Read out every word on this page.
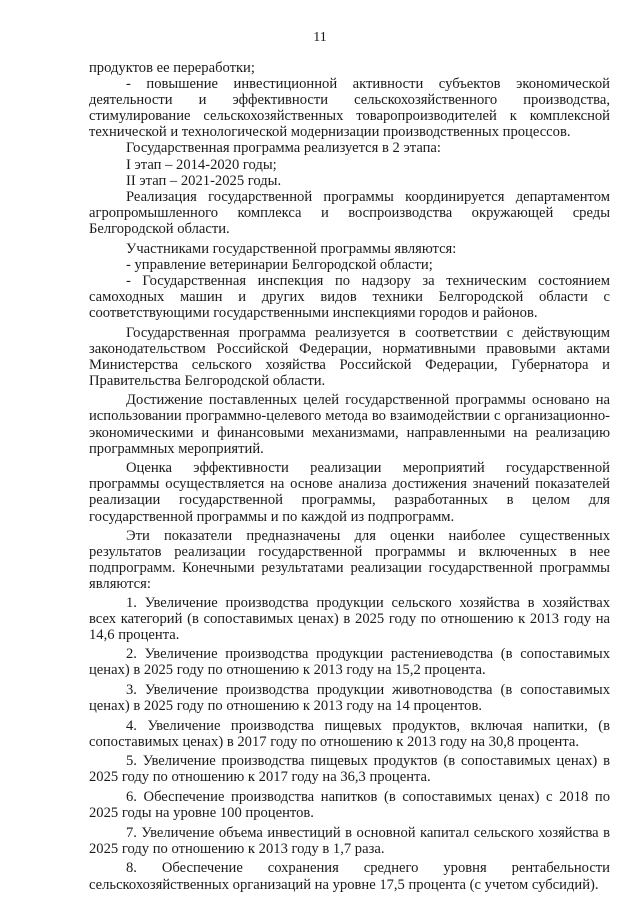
11

продуктов ее переработки;

- повышение инвестиционной активности субъектов экономической деятельности и эффективности сельскохозяйственного производства, стимулирование сельскохозяйственных товаропроизводителей к комплексной технической и технологической модернизации производственных процессов.

Государственная программа реализуется в 2 этапа:

I этап – 2014-2020 годы;

II этап – 2021-2025 годы.

Реализация государственной программы координируется департаментом агропромышленного комплекса и воспроизводства окружающей среды Белгородской области.

Участниками государственной программы являются:

- управление ветеринарии Белгородской области;

- Государственная инспекция по надзору за техническим состоянием самоходных машин и других видов техники Белгородской области с соответствующими государственными инспекциями городов и районов.

Государственная программа реализуется в соответствии с действующим законодательством Российской Федерации, нормативными правовыми актами Министерства сельского хозяйства Российской Федерации, Губернатора и Правительства Белгородской области.

Достижение поставленных целей государственной программы основано на использовании программно-целевого метода во взаимодействии с организационно-экономическими и финансовыми механизмами, направленными на реализацию программных мероприятий.

Оценка эффективности реализации мероприятий государственной программы осуществляется на основе анализа достижения значений показателей реализации государственной программы, разработанных в целом для государственной программы и по каждой из подпрограмм.

Эти показатели предназначены для оценки наиболее существенных результатов реализации государственной программы и включенных в нее подпрограмм. Конечными результатами реализации государственной программы являются:

1. Увеличение производства продукции сельского хозяйства в хозяйствах всех категорий (в сопоставимых ценах) в 2025 году по отношению к 2013 году на 14,6 процента.

2. Увеличение производства продукции растениеводства (в сопоставимых ценах) в 2025 году по отношению к 2013 году на 15,2 процента.

3. Увеличение производства продукции животноводства (в сопоставимых ценах) в 2025 году по отношению к 2013 году на 14 процентов.

4. Увеличение производства пищевых продуктов, включая напитки, (в сопоставимых ценах) в 2017 году по отношению к 2013 году на 30,8 процента.

5. Увеличение производства пищевых продуктов (в сопоставимых ценах) в 2025 году по отношению к 2017 году на 36,3 процента.

6. Обеспечение производства напитков (в сопоставимых ценах) с 2018 по 2025 годы на уровне 100 процентов.

7. Увеличение объема инвестиций в основной капитал сельского хозяйства в 2025 году по отношению к 2013 году в 1,7 раза.

8. Обеспечение сохранения среднего уровня рентабельности сельскохозяйственных организаций на уровне 17,5 процента (с учетом субсидий).
